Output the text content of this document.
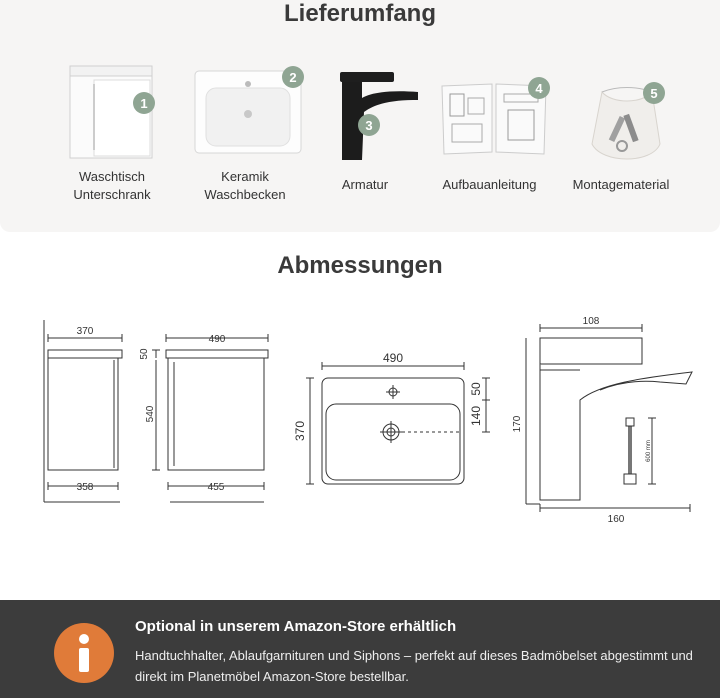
Lieferumfang
1
Waschtisch
Unterschrank
2
Keramik
Waschbecken
3
Armatur
4
Aufbauanleitung
5
Montagematerial
Abmessungen
370
358
490
455
50
540
490
370
50
140
108
170
160
600 mm
Optional in unserem Amazon-Store erhältlich
Handtuchhalter, Ablaufgarnituren und Siphons – perfekt auf dieses Badmöbelset abgestimmt und direkt im Planetmöbel Amazon-Store bestellbar.
